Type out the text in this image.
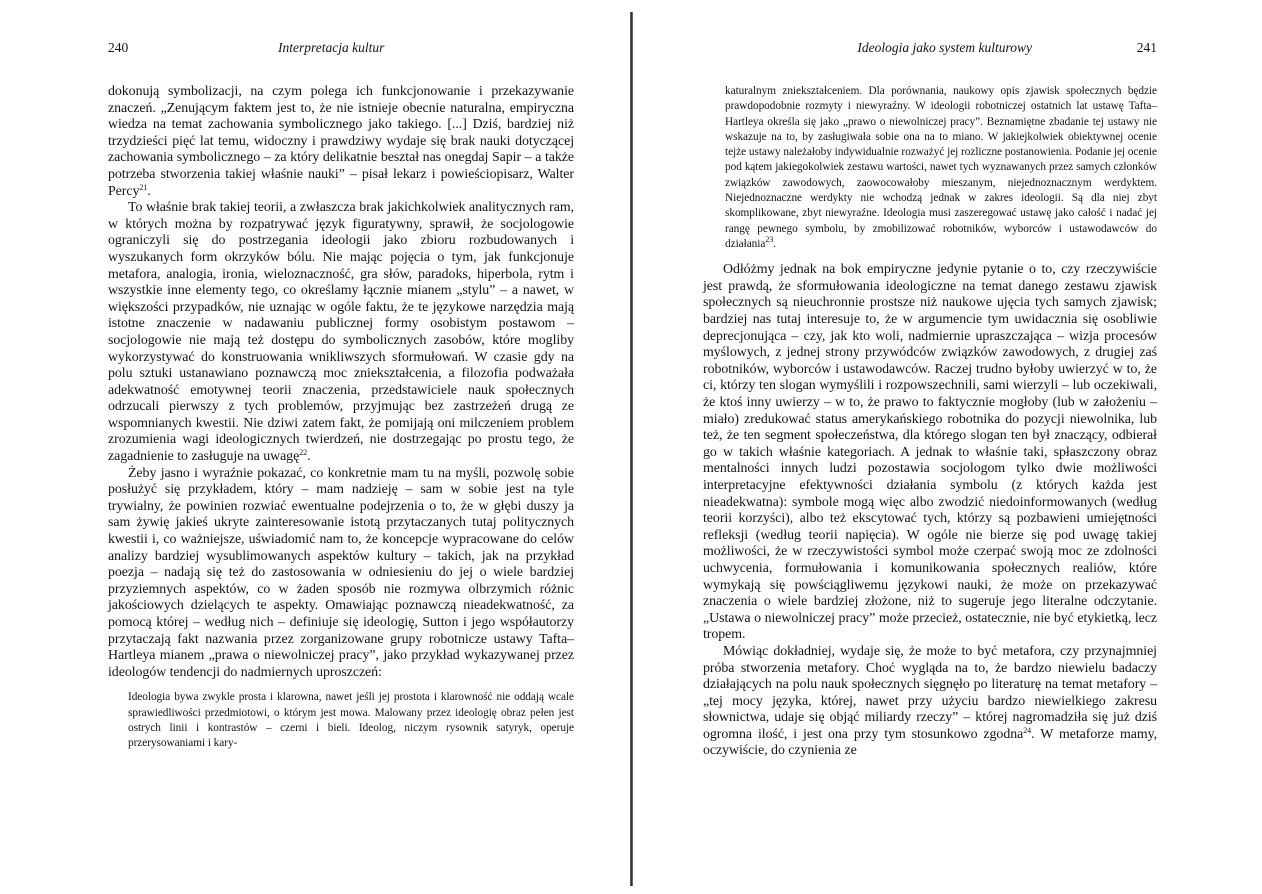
240	Interpretacja kultur

dokonują symbolizacji, na czym polega ich funkcjonowanie i przekazywanie znaczeń. „Zenującym faktem jest to, że nie istnieje obecnie naturalna, empiryczna wiedza na temat zachowania symbolicznego jako takiego. [...] Dziś, bardziej niż trzydzieści pięć lat temu, widoczny i prawdziwy wydaje się brak nauki dotyczącej zachowania symbolicznego – za który delikatnie beształ nas onegdaj Sapir – a także potrzeba stworzenia takiej właśnie nauki” – pisał lekarz i powieściopisarz, Walter Percy$^{21}$.

To właśnie brak takiej teorii, a zwłaszcza brak jakichkolwiek analitycznych ram, w których można by rozpatrywać język figuratywny, sprawił, że socjologowie ograniczyli się do postrzegania ideologii jako zbioru rozbudowanych i wyszukanych form okrzyków bólu. Nie mając pojęcia o tym, jak funkcjonuje metafora, analogia, ironia, wieloznaczność, gra słów, paradoks, hiperbola, rytm i wszystkie inne elementy tego, co określamy łącznie mianem „stylu” – a nawet, w większości przypadków, nie uznając w ogóle faktu, że te językowe narzędzia mają istotne znaczenie w nadawaniu publicznej formy osobistym postawom – socjologowie nie mają też dostępu do symbolicznych zasobów, które mogliby wykorzystywać do konstruowania wnikliwszych sformułowań. W czasie gdy na polu sztuki ustanawiano poznawczą moc zniekształcenia, a filozofia podważała adekwatność emotywnej teorii znaczenia, przedstawiciele nauk społecznych odrzucali pierwszy z tych problemów, przyjmując bez zastrzeżeń drugą ze wspomnianych kwestii. Nie dziwi zatem fakt, że pomijają oni milczeniem problem zrozumienia wagi ideologicznych twierdzeń, nie dostrzegając po prostu tego, że zagadnienie to zasługuje na uwagę$^{22}$.

Żeby jasno i wyraźnie pokazać, co konkretnie mam tu na myśli, pozwolę sobie posłużyć się przykładem, który – mam nadzieję – sam w sobie jest na tyle trywialny, że powinien rozwiać ewentualne podejrzenia o to, że w głębi duszy ja sam żywię jakieś ukryte zainteresowanie istotą przytaczanych tutaj politycznych kwestii i, co ważniejsze, uświadomić nam to, że koncepcje wypracowane do celów analizy bardziej wysublimowanych aspektów kultury – takich, jak na przykład poezja – nadają się też do zastosowania w odniesieniu do jej o wiele bardziej przyziemnych aspektów, co w żaden sposób nie rozmywa olbrzymich różnic jakościowych dzielących te aspekty. Omawiając poznawczą nieadekwatność, za pomocą której – według nich – definiuje się ideologię, Sutton i jego współautorzy przytaczają fakt nazwania przez zorganizowane grupy robotnicze ustawy Tafta–Hartleya mianem „prawa o niewolniczej pracy”, jako przykład wykazywanej przez ideologów tendencji do nadmiernych uproszczeń:

Ideologia bywa zwykle prosta i klarowna, nawet jeśli jej prostota i klarowność nie oddają wcale sprawiedliwości przedmiotowi, o którym jest mowa. Malowany przez ideologię obraz pełen jest ostrych linii i kontrastów – czerni i bieli. Ideolog, niczym rysownik satyryk, operuje przerysowaniami i kary-

Ideologia jako system kulturowy	241

katuralnym zniekształceniem. Dla porównania, naukowy opis zjawisk społecznych będzie prawdopodobnie rozmyty i niewyraźny. W ideologii robotniczej ostatnich lat ustawę Tafta–Hartleya określa się jako „prawo o niewolniczej pracy”. Beznamiętne zbadanie tej ustawy nie wskazuje na to, by zasługiwała sobie ona na to miano. W jakiejkolwiek obiektywnej ocenie tejże ustawy należałoby indywidualnie rozważyć jej rozliczne postanowienia. Podanie jej ocenie pod kątem jakiegokolwiek zestawu wartości, nawet tych wyznawanych przez samych członków związków zawodowych, zaowocowałoby mieszanym, niejednoznacznym werdyktem. Niejednoznaczne werdykty nie wchodzą jednak w zakres ideologii. Są dla niej zbyt skomplikowane, zbyt niewyraźne. Ideologia musi zaszeregować ustawę jako całość i nadać jej rangę pewnego symbolu, by zmobilizować robotników, wyborców i ustawodawców do działania$^{23}$.

Odłóżmy jednak na bok empiryczne jedynie pytanie o to, czy rzeczywiście jest prawdą, że sformułowania ideologiczne na temat danego zestawu zjawisk społecznych są nieuchronnie prostsze niż naukowe ujęcia tych samych zjawisk; bardziej nas tutaj interesuje to, że w argumencie tym uwidacznia się osobliwie deprecjonująca – czy, jak kto woli, nadmiernie upraszczająca – wizja procesów myślowych, z jednej strony przywódców związków zawodowych, z drugiej zaś robotników, wyborców i ustawodawców. Raczej trudno byłoby uwierzyć w to, że ci, którzy ten slogan wymyślili i rozpowszechnili, sami wierzyli – lub oczekiwali, że ktoś inny uwierzy – w to, że prawo to faktycznie mogłoby (lub w założeniu – miało) zredukować status amerykańskiego robotnika do pozycji niewolnika, lub też, że ten segment społeczeństwa, dla którego slogan ten był znaczący, odbierał go w takich właśnie kategoriach. A jednak to właśnie taki, spłaszczony obraz mentalności innych ludzi pozostawia socjologom tylko dwie możliwości interpretacyjne efektywności działania symbolu (z których każda jest nieadekwatna): symbole mogą więc albo zwodzić niedoinformowanych (według teorii korzyści), albo też ekscytować tych, którzy są pozbawieni umiejętności refleksji (według teorii napięcia). W ogóle nie bierze się pod uwagę takiej możliwości, że w rzeczywistości symbol może czerpać swoją moc ze zdolności uchwycenia, formułowania i komunikowania społecznych realiów, które wymykają się powściągliwemu językowi nauki, że może on przekazywać znaczenia o wiele bardziej złożone, niż to sugeruje jego literalne odczytanie. „Ustawa o niewolniczej pracy” może przecież, ostatecznie, nie być etykietką, lecz tropem.

Mówiąc dokładniej, wydaje się, że może to być metafora, czy przynajmniej próba stworzenia metafory. Choć wygląda na to, że bardzo niewielu badaczy działających na polu nauk społecznych sięgnęło po literaturę na temat metafory – „tej mocy języka, której, nawet przy użyciu bardzo niewielkiego zakresu słownictwa, udaje się objąć miliardy rzeczy” – której nagromadziła się już dziś ogromna ilość, i jest ona przy tym stosunkowo zgodna$^{24}$. W metaforze mamy, oczywiście, do czynienia ze
